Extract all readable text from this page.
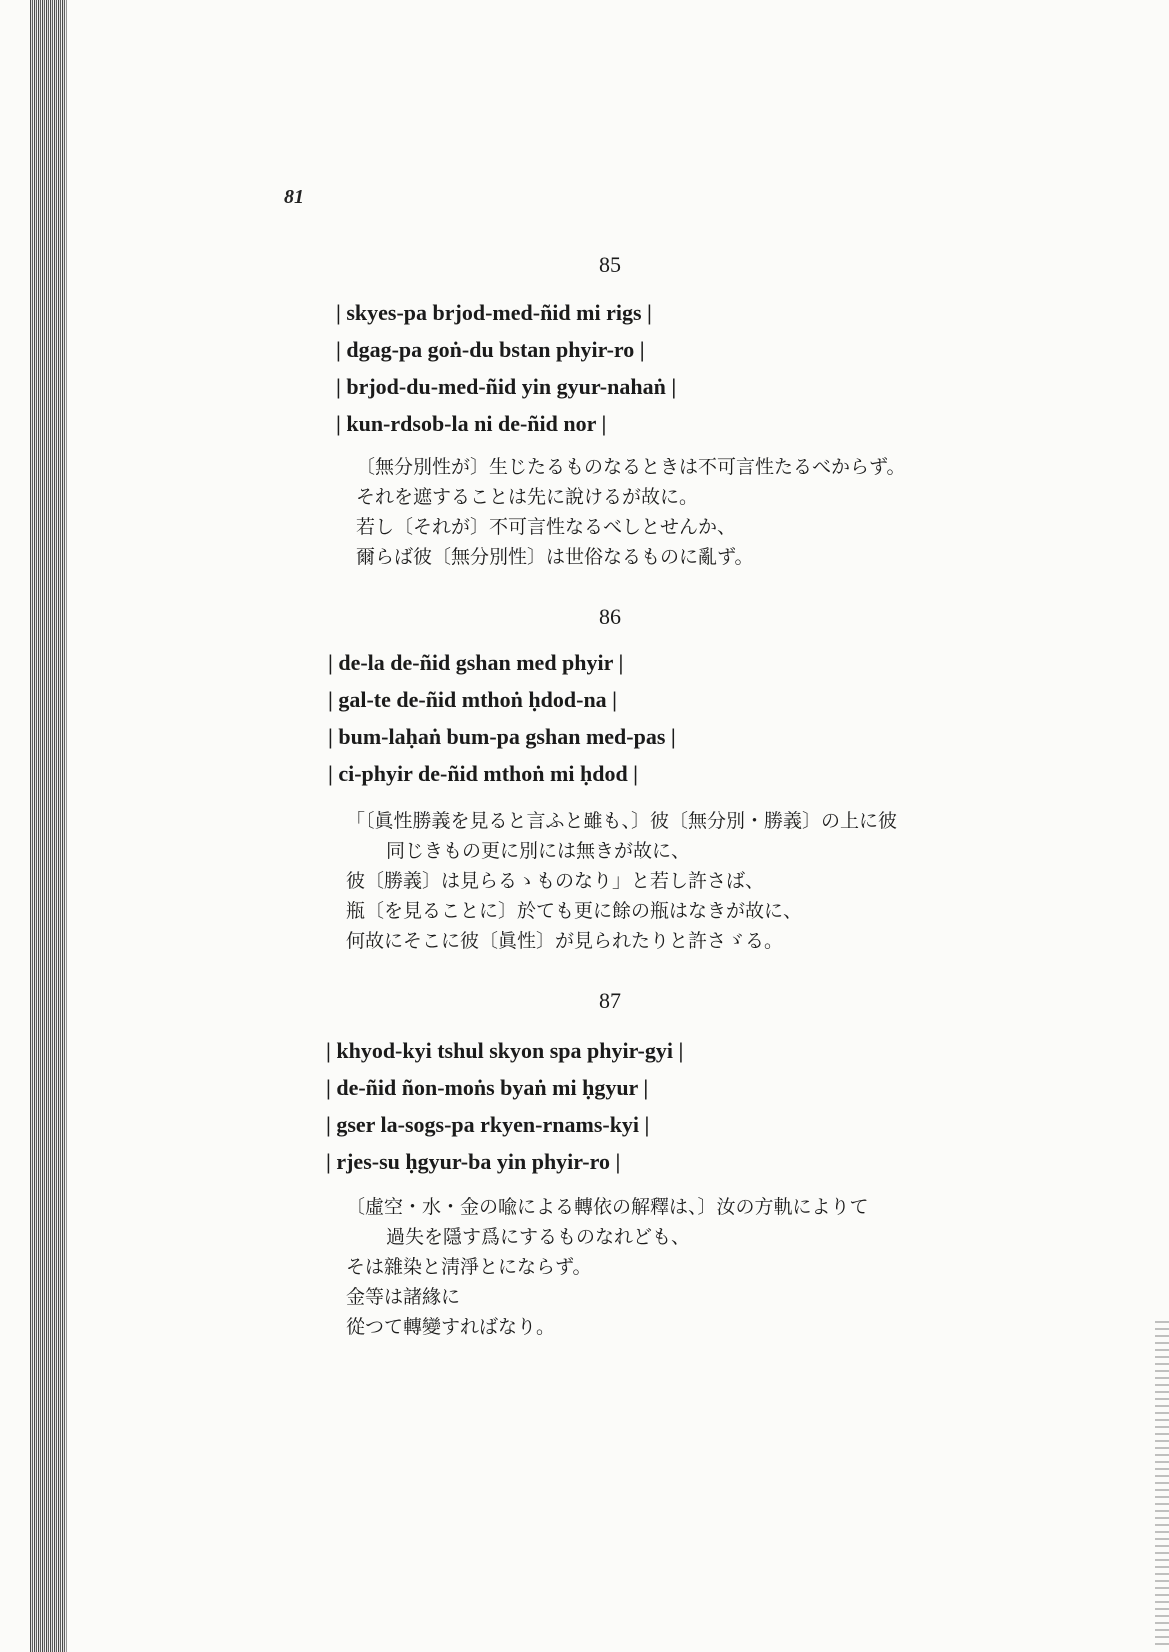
81
85
| skyes-pa brjod-med-ñid mi rigs |
| dgag-pa goṅ-du bstan phyir-ro |
| brjod-du-med-ñid yin gyur-nahaṅ |
| kun-rdsob-la ni de-ñid nor |
〔無分別性が〕生じたるものなるときは不可言性たるべからず。
それを遮することは先に說けるが故に。
若し〔それが〕不可言性なるべしとせんか、
爾らば彼〔無分別性〕は世俗なるものに亂ず。
86
| de-la de-ñid gshan med phyir |
| gal-te de-ñid mthoṅ ḥdod-na |
| bum-laḥaṅ bum-pa gshan med-pas |
| ci-phyir de-ñid mthoṅ mi ḥdod |
「〔眞性勝義を見ると言ふと雖も、〕彼〔無分別・勝義〕の上に彼
同じきもの更に別には無きが故に、
彼〔勝義〕は見らるゝものなり」と若し許さば、
瓶〔を見ることに〕於ても更に餘の瓶はなきが故に、
何故にそこに彼〔眞性〕が見られたりと許さゞる。
87
| khyod-kyi tshul skyon spa phyir-gyi |
| de-ñid ñon-moṅs byaṅ mi ḥgyur |
| gser la-sogs-pa rkyen-rnams-kyi |
| rjes-su ḥgyur-ba yin phyir-ro |
〔虛空・水・金の喩による轉依の解釋は、〕汝の方軌によりて
過失を隱す爲にするものなれども、
そは雜染と淸淨とにならず。
金等は諸緣に
從つて轉變すればなり。
